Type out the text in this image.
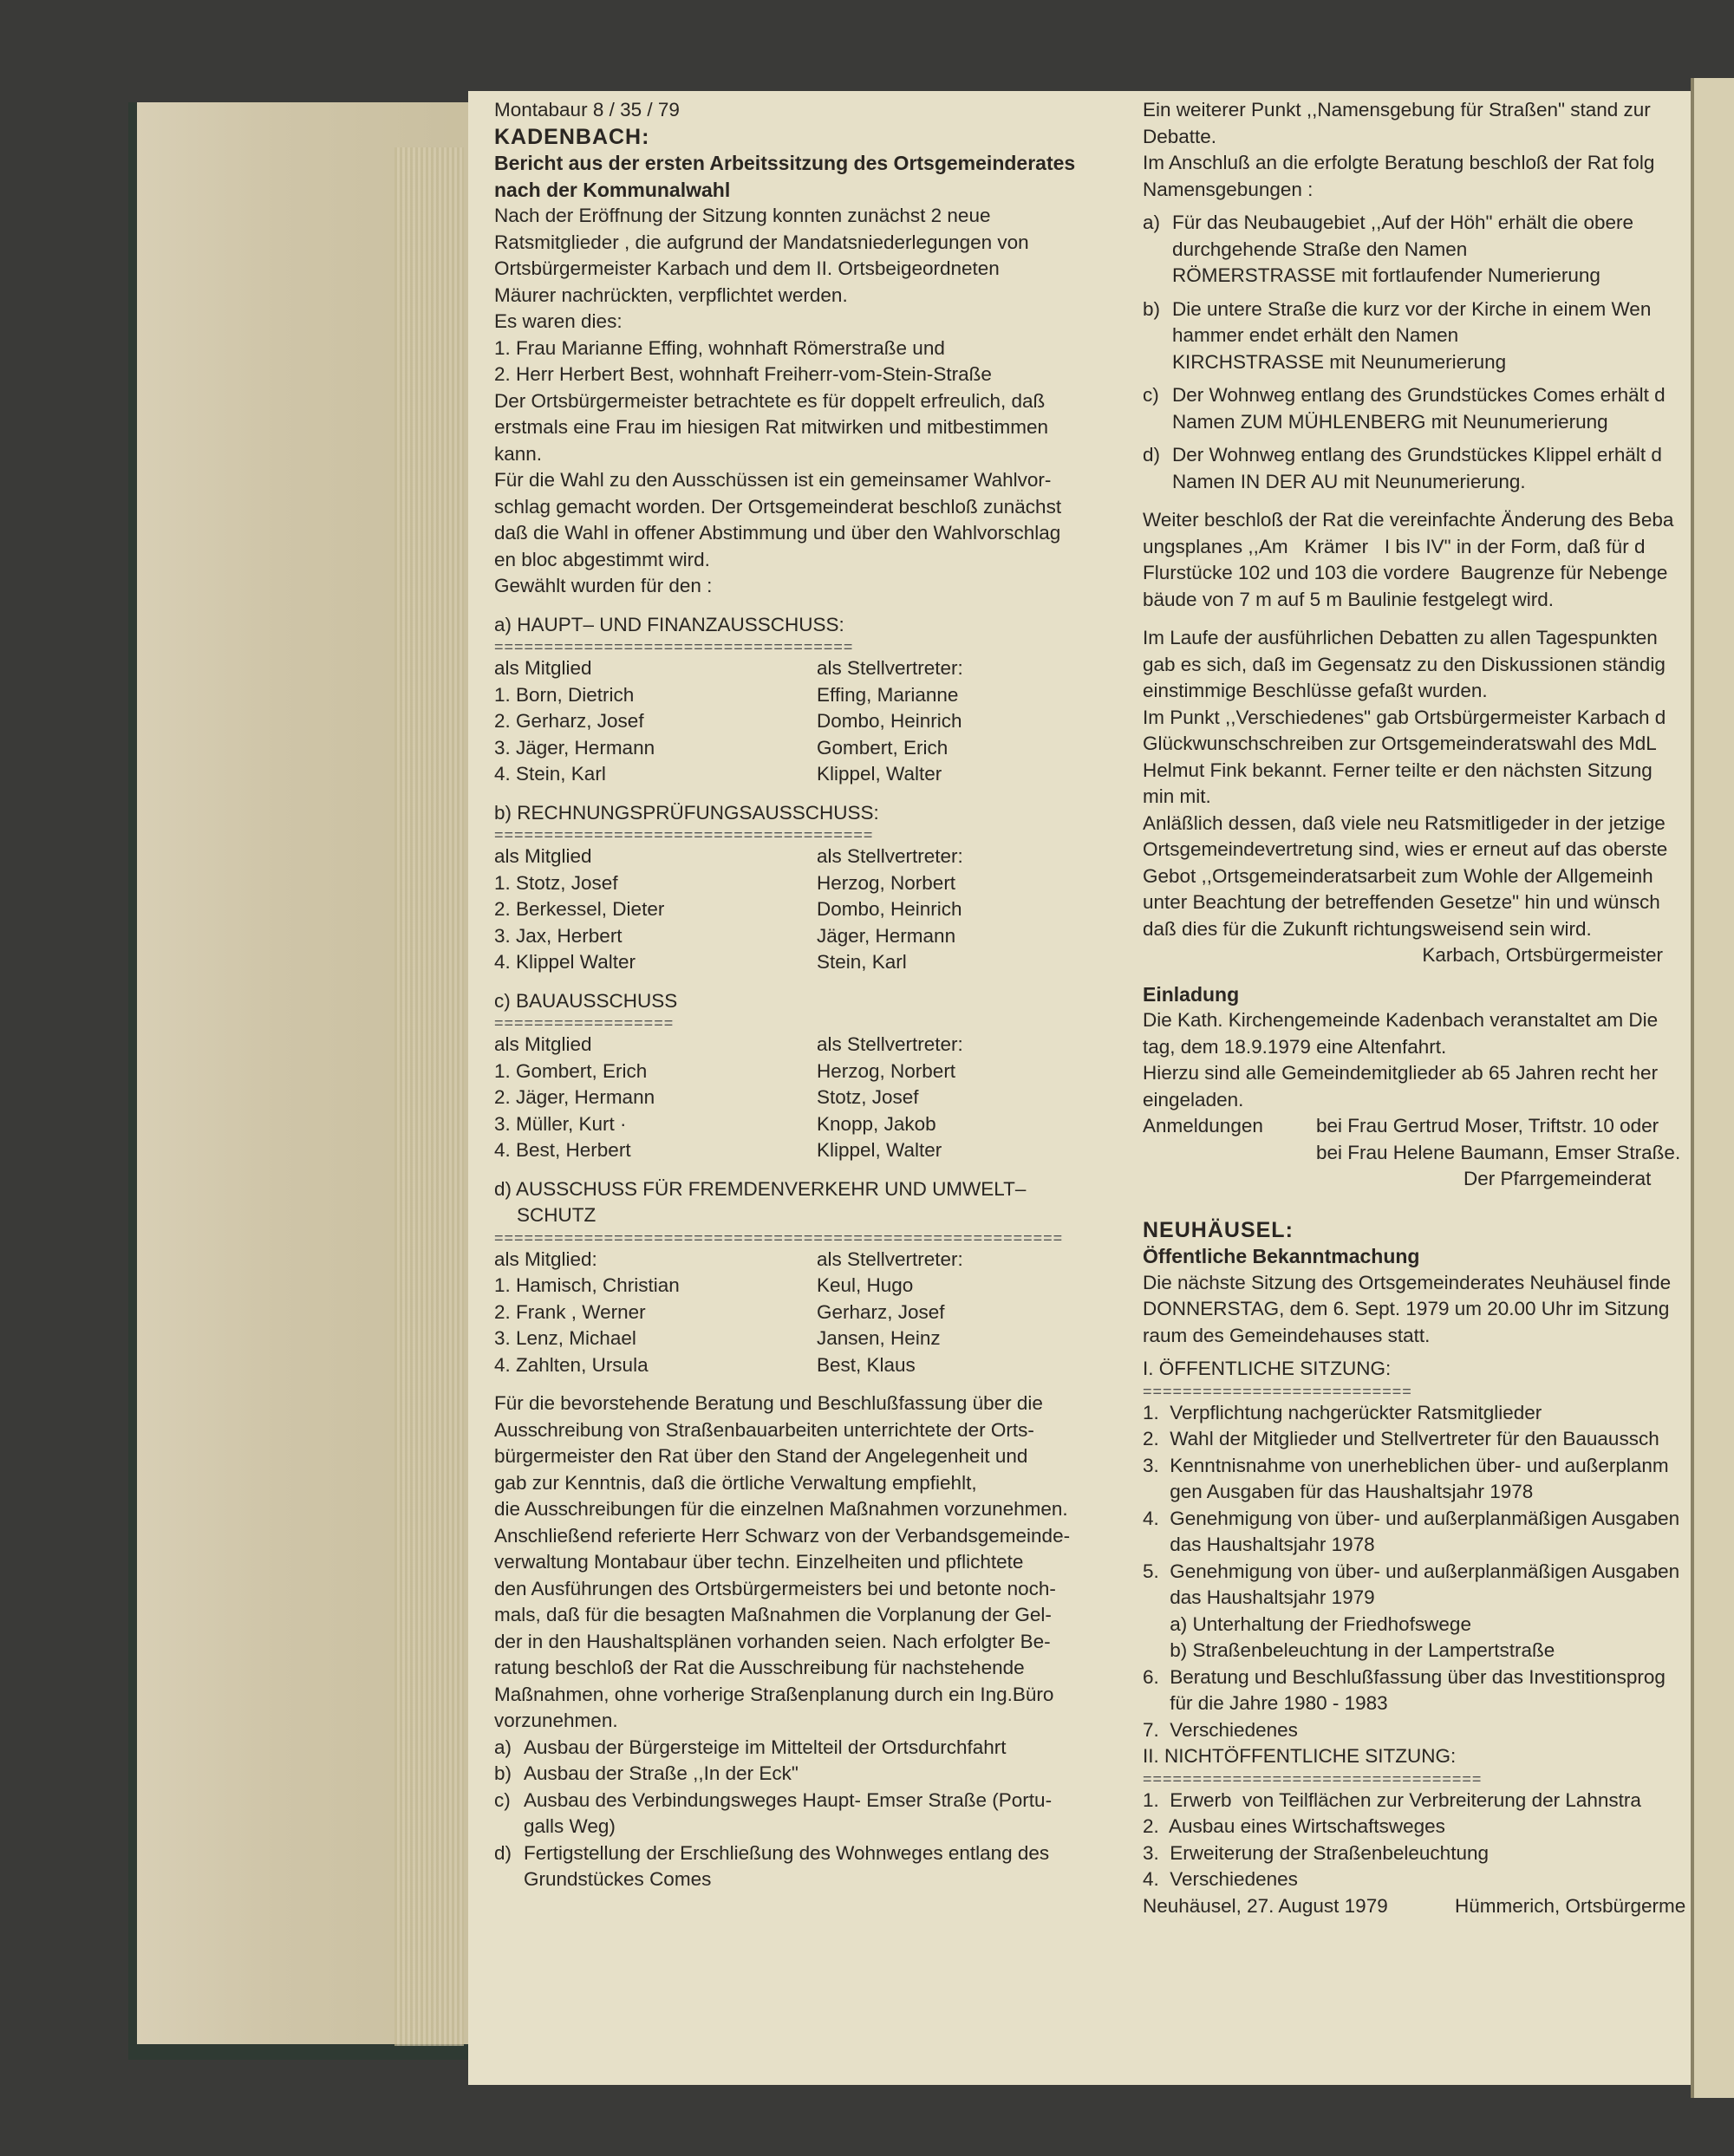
Montabaur 8 / 35 / 79

KADENBACH:

Bericht aus der ersten Arbeitssitzung des Ortsgemeinderates

nach der Kommunalwahl

Nach der Eröffnung der Sitzung konnten zunächst 2 neue

Ratsmitglieder , die aufgrund der Mandatsniederlegungen von

Ortsbürgermeister Karbach und dem II. Ortsbeigeordneten

Mäurer nachrückten, verpflichtet werden.

Es waren dies:

1. Frau Marianne Effing, wohnhaft Römerstraße und

2. Herr Herbert Best, wohnhaft Freiherr-vom-Stein-Straße

Der Ortsbürgermeister betrachtete es für doppelt erfreulich, daß

erstmals eine Frau im hiesigen Rat mitwirken und mitbestimmen

kann.

Für die Wahl zu den Ausschüssen ist ein gemeinsamer Wahlvor-

schlag gemacht worden. Der Ortsgemeinderat beschloß zunächst

daß die Wahl in offener Abstimmung und über den Wahlvorschlag

en bloc abgestimmt wird.

Gewählt wurden für den :

a) HAUPT– UND FINANZAUSSCHUSS:

====================================

als Mitglied	als Stellvertreter:
1. Born, Dietrich	Effing, Marianne
2. Gerharz, Josef	Dombo, Heinrich
3. Jäger, Hermann	Gombert, Erich
4. Stein, Karl	Klippel, Walter

b) RECHNUNGSPRÜFUNGSAUSSCHUSS:

======================================

als Mitglied	als Stellvertreter:
1. Stotz, Josef	Herzog, Norbert
2. Berkessel, Dieter	Dombo, Heinrich
3. Jax, Herbert	Jäger, Hermann
4. Klippel Walter	Stein, Karl

c) BAUAUSSCHUSS

==================

als Mitglied	als Stellvertreter:
1. Gombert, Erich	Herzog, Norbert
2. Jäger, Hermann	Stotz, Josef
3. Müller, Kurt ·	Knopp, Jakob
4. Best, Herbert	Klippel, Walter

d) AUSSCHUSS FÜR FREMDENVERKEHR UND UMWELT–

SCHUTZ

=========================================================

als Mitglied:	als Stellvertreter:
1. Hamisch, Christian	Keul, Hugo
2. Frank , Werner	Gerharz, Josef
3. Lenz, Michael	Jansen, Heinz
4. Zahlten, Ursula	Best, Klaus

Für die bevorstehende Beratung und Beschlußfassung über die

Ausschreibung von Straßenbauarbeiten unterrichtete der Orts-

bürgermeister den Rat über den Stand der Angelegenheit und

gab zur Kenntnis, daß die örtliche Verwaltung empfiehlt,

die Ausschreibungen für die einzelnen Maßnahmen vorzunehmen.

Anschließend referierte Herr Schwarz von der Verbandsgemeinde-

verwaltung Montabaur über techn. Einzelheiten und pflichtete

den Ausführungen des Ortsbürgermeisters bei und betonte noch-

mals, daß für die besagten Maßnahmen die Vorplanung der Gel-

der in den Haushaltsplänen vorhanden seien. Nach erfolgter Be-

ratung beschloß der Rat die Ausschreibung für nachstehende

Maßnahmen, ohne vorherige Straßenplanung durch ein Ing.Büro

vorzunehmen.

a) Ausbau der Bürgersteige im Mittelteil der Ortsdurchfahrt
b) Ausbau der Straße ,,In der Eck"
c) Ausbau des Verbindungsweges Haupt- Emser Straße (Portu-
galls Weg)
d) Fertigstellung der Erschließung des Wohnweges entlang des
Grundstückes Comes

Ein weiterer Punkt ,,Namensgebung für Straßen" stand zur

Debatte.

Im Anschluß an die erfolgte Beratung beschloß der Rat folg

Namensgebungen :

a) Für das Neubaugebiet ,,Auf der Höh" erhält die obere

durchgehende Straße den Namen

RÖMERSTRASSE mit fortlaufender Numerierung

b) Die untere Straße die kurz vor der Kirche in einem Wen

hammer endet erhält den Namen

KIRCHSTRASSE mit Neunumerierung

c) Der Wohnweg entlang des Grundstückes Comes erhält d

Namen ZUM MÜHLENBERG mit Neunumerierung

d) Der Wohnweg entlang des Grundstückes Klippel erhält d

Namen IN DER AU mit Neunumerierung.

Weiter beschloß der Rat die vereinfachte Änderung des Beba

ungsplanes ,,Am   Krämer   I bis IV" in der Form, daß für d

Flurstücke 102 und 103 die vordere  Baugrenze für Nebenge

bäude von 7 m auf 5 m Baulinie festgelegt wird.

Im Laufe der ausführlichen Debatten zu allen Tagespunkten

gab es sich, daß im Gegensatz zu den Diskussionen ständig

einstimmige Beschlüsse gefaßt wurden.

Im Punkt ,,Verschiedenes" gab Ortsbürgermeister Karbach d

Glückwunschschreiben zur Ortsgemeinderatswahl des MdL

Helmut Fink bekannt. Ferner teilte er den nächsten Sitzung

min mit.

Anläßlich dessen, daß viele neu Ratsmitligeder in der jetzige

Ortsgemeindevertretung sind, wies er erneut auf das oberste

Gebot ,,Ortsgemeinderatsarbeit zum Wohle der Allgemeinh

unter Beachtung der betreffenden Gesetze" hin und wünsch

daß dies für die Zukunft richtungsweisend sein wird.

Karbach, Ortsbürgermeister

Einladung

Die Kath. Kirchengemeinde Kadenbach veranstaltet am Die

tag, dem 18.9.1979 eine Altenfahrt.

Hierzu sind alle Gemeindemitglieder ab 65 Jahren recht her

eingeladen.

Anmeldungen	bei Frau Gertrud Moser, Triftstr. 10 oder
bei Frau Helene Baumann, Emser Straße.

Der Pfarrgemeinderat

NEUHÄUSEL:

Öffentliche Bekanntmachung

Die nächste Sitzung des Ortsgemeinderates Neuhäusel finde

DONNERSTAG, dem 6. Sept. 1979 um 20.00 Uhr im Sitzung

raum des Gemeindehauses statt.

I. ÖFFENTLICHE SITZUNG:

===========================

1.  Verpflichtung nachgerückter Ratsmitglieder

2.  Wahl der Mitglieder und Stellvertreter für den Bauaussch

3.  Kenntnisnahme von unerheblichen über- und außerplanm

gen Ausgaben für das Haushaltsjahr 1978

4.  Genehmigung von über- und außerplanmäßigen Ausgaben

das Haushaltsjahr 1978

5.  Genehmigung von über- und außerplanmäßigen Ausgaben

das Haushaltsjahr 1979

a) Unterhaltung der Friedhofswege

b) Straßenbeleuchtung in der Lampertstraße

6.  Beratung und Beschlußfassung über das Investitionsprog

für die Jahre 1980 - 1983

7.  Verschiedenes

II. NICHTÖFFENTLICHE SITZUNG:

==================================

1.  Erwerb  von Teilflächen zur Verbreiterung der Lahnstra

2.  Ausbau eines Wirtschaftsweges

3.  Erweiterung der Straßenbeleuchtung

4.  Verschiedenes

Neuhäusel, 27. August 1979	Hümmerich, Ortsbürgerme
